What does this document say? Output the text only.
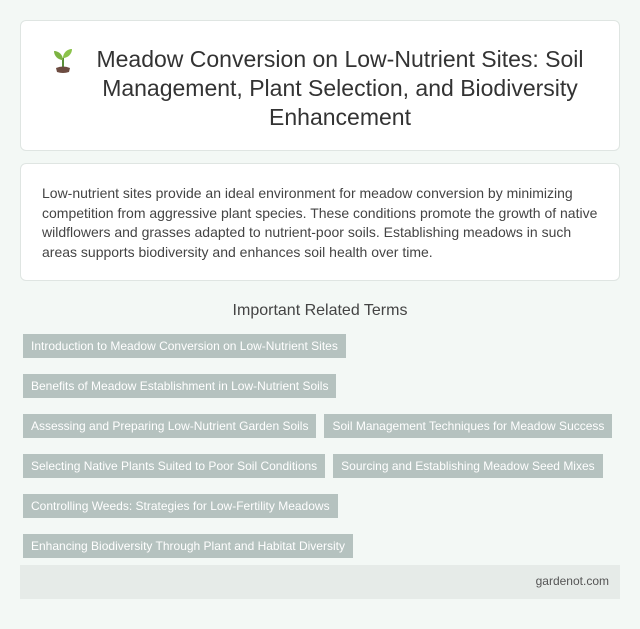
Meadow Conversion on Low-Nutrient Sites: Soil Management, Plant Selection, and Biodiversity Enhancement

Low-nutrient sites provide an ideal environment for meadow conversion by minimizing competition from aggressive plant species. These conditions promote the growth of native wildflowers and grasses adapted to nutrient-poor soils. Establishing meadows in such areas supports biodiversity and enhances soil health over time.

Important Related Terms
Introduction to Meadow Conversion on Low-Nutrient Sites
Benefits of Meadow Establishment in Low-Nutrient Soils
Assessing and Preparing Low-Nutrient Garden Soils	Soil Management Techniques for Meadow Success
Selecting Native Plants Suited to Poor Soil Conditions	Sourcing and Establishing Meadow Seed Mixes
Controlling Weeds: Strategies for Low-Fertility Meadows
Enhancing Biodiversity Through Plant and Habitat Diversity
gardenot.com
